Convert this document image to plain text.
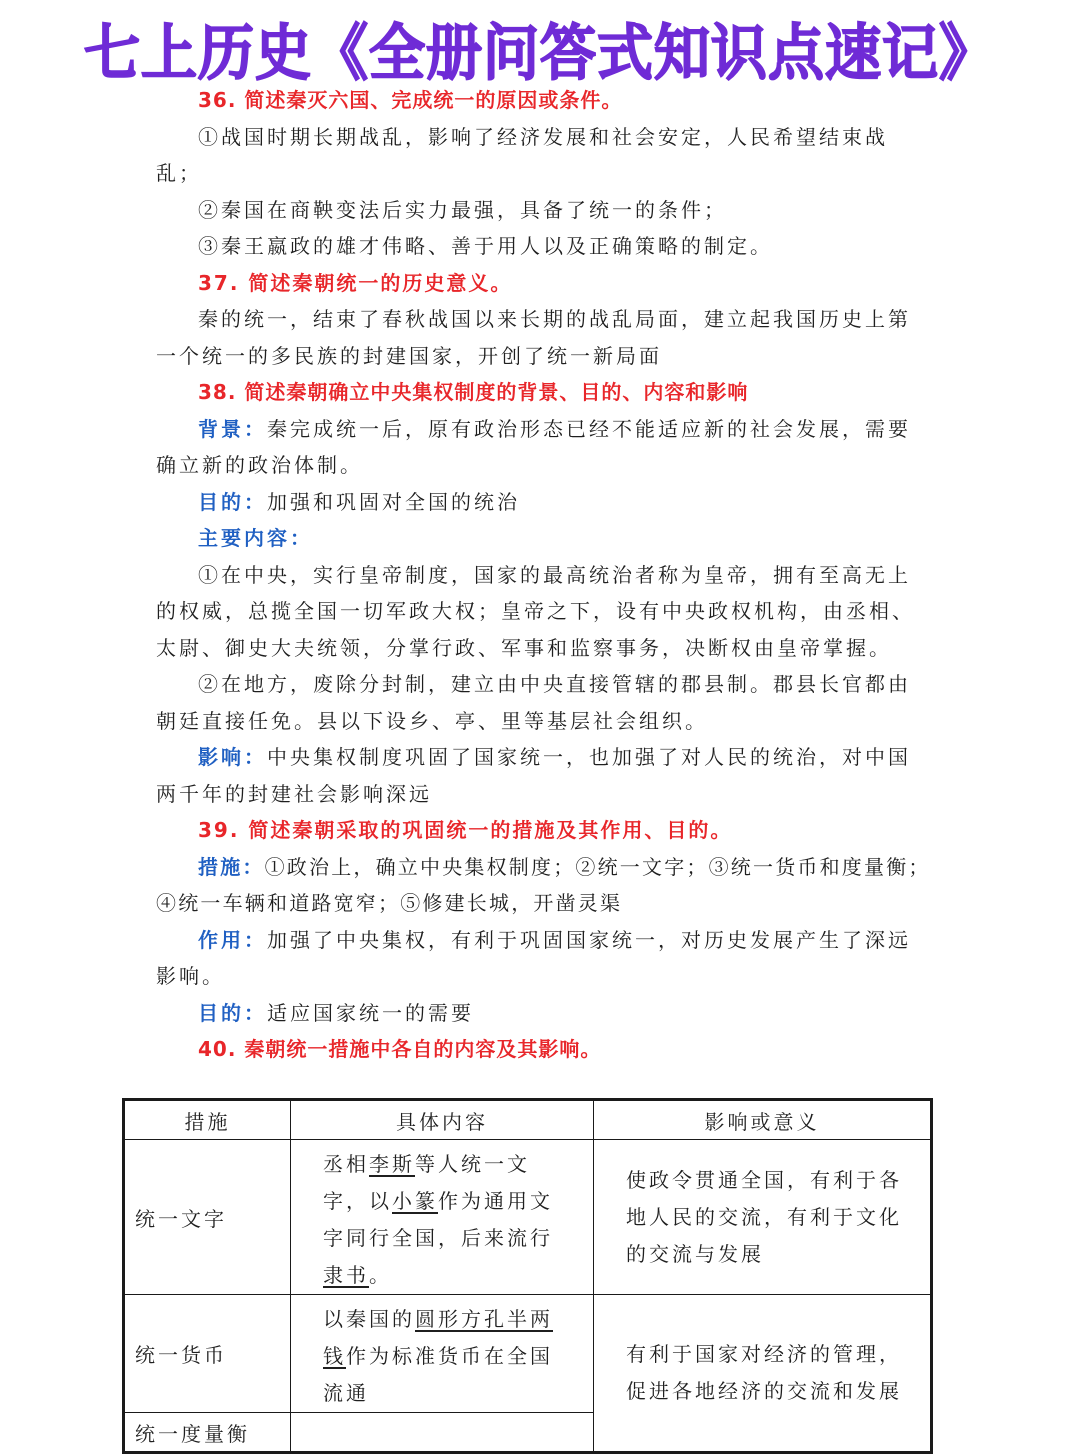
七上历史《全册问答式知识点速记》

36. 简述秦灭六国、完成统一的原因或条件。

①战国时期长期战乱，影响了经济发展和社会安定，人民希望结束战乱；

②秦国在商鞅变法后实力最强，具备了统一的条件；

③秦王嬴政的雄才伟略、善于用人以及正确策略的制定。

37. 简述秦朝统一的历史意义。

秦的统一，结束了春秋战国以来长期的战乱局面，建立起我国历史上第一个统一的多民族的封建国家，开创了统一新局面

38. 简述秦朝确立中央集权制度的背景、目的、内容和影响

背景：秦完成统一后，原有政治形态已经不能适应新的社会发展，需要确立新的政治体制。

目的：加强和巩固对全国的统治

主要内容：

①在中央，实行皇帝制度，国家的最高统治者称为皇帝，拥有至高无上的权威，总揽全国一切军政大权；皇帝之下，设有中央政权机构，由丞相、太尉、御史大夫统领，分掌行政、军事和监察事务，决断权由皇帝掌握。

②在地方，废除分封制，建立由中央直接管辖的郡县制。郡县长官都由朝廷直接任免。县以下设乡、亭、里等基层社会组织。

影响：中央集权制度巩固了国家统一，也加强了对人民的统治，对中国两千年的封建社会影响深远

39. 简述秦朝采取的巩固统一的措施及其作用、目的。

措施：①政治上，确立中央集权制度；②统一文字；③统一货币和度量衡；④统一车辆和道路宽窄；⑤修建长城，开凿灵渠

作用：加强了中央集权，有利于巩固国家统一，对历史发展产生了深远影响。

目的：适应国家统一的需要

40. 秦朝统一措施中各自的内容及其影响。

措施	具体内容	影响或意义
统一文字	丞相李斯等人统一文字，以小篆作为通用文字同行全国，后来流行隶书。	使政令贯通全国，有利于各地人民的交流，有利于文化的交流与发展
统一货币	以秦国的圆形方孔半两钱作为标准货币在全国流通	有利于国家对经济的管理，促进各地经济的交流和发展
统一度量衡		
